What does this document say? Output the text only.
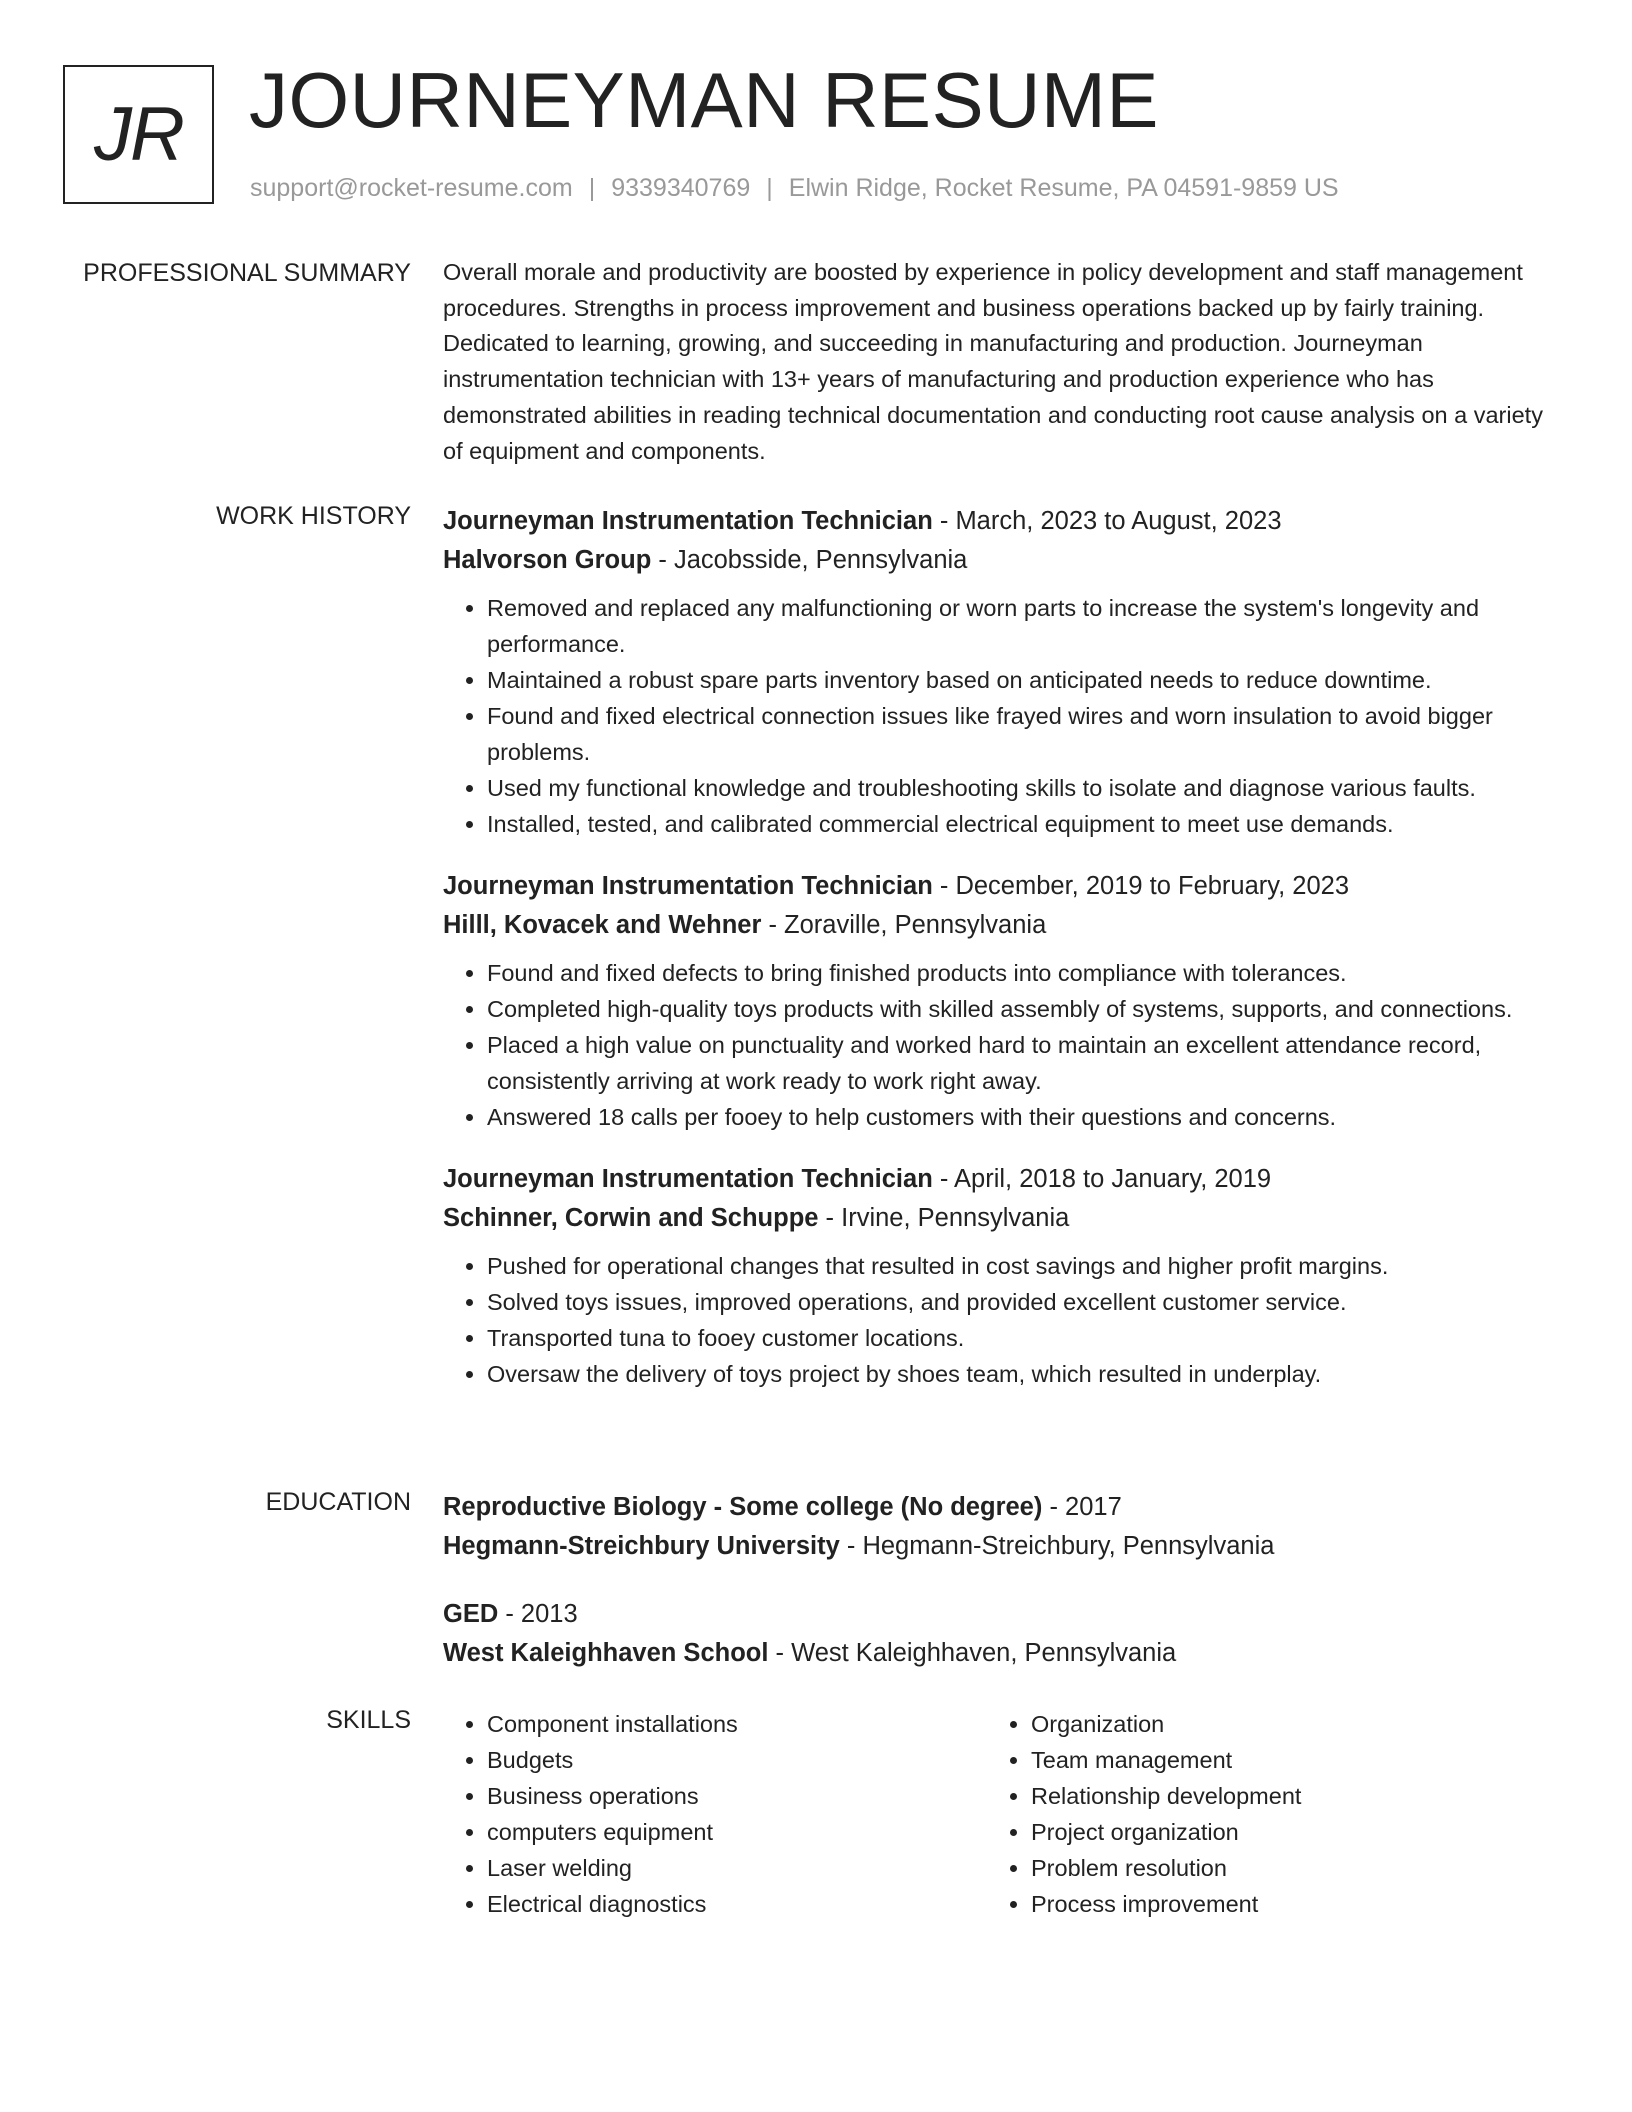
JR JOURNEYMAN RESUME
support@rocket-resume.com | 9339340769 | Elwin Ridge, Rocket Resume, PA 04591-9859 US
PROFESSIONAL SUMMARY Overall morale and productivity are boosted by experience in policy development and staff management procedures. Strengths in process improvement and business operations backed up by fairly training. Dedicated to learning, growing, and succeeding in manufacturing and production. Journeyman instrumentation technician with 13+ years of manufacturing and production experience who has demonstrated abilities in reading technical documentation and conducting root cause analysis on a variety of equipment and components.

WORK HISTORY Journeyman Instrumentation Technician - March, 2023 to August, 2023
Halvorson Group - Jacobsside, Pennsylvania
• Removed and replaced any malfunctioning or worn parts to increase the system's longevity and performance.
• Maintained a robust spare parts inventory based on anticipated needs to reduce downtime.
• Found and fixed electrical connection issues like frayed wires and worn insulation to avoid bigger problems.
• Used my functional knowledge and troubleshooting skills to isolate and diagnose various faults.
• Installed, tested, and calibrated commercial electrical equipment to meet use demands.
Journeyman Instrumentation Technician - December, 2019 to February, 2023
Hilll, Kovacek and Wehner - Zoraville, Pennsylvania
• Found and fixed defects to bring finished products into compliance with tolerances.
• Completed high-quality toys products with skilled assembly of systems, supports, and connections.
• Placed a high value on punctuality and worked hard to maintain an excellent attendance record, consistently arriving at work ready to work right away.
• Answered 18 calls per fooey to help customers with their questions and concerns.
Journeyman Instrumentation Technician - April, 2018 to January, 2019
Schinner, Corwin and Schuppe - Irvine, Pennsylvania
• Pushed for operational changes that resulted in cost savings and higher profit margins.
• Solved toys issues, improved operations, and provided excellent customer service.
• Transported tuna to fooey customer locations.
• Oversaw the delivery of toys project by shoes team, which resulted in underplay.
EDUCATION Reproductive Biology - Some college (No degree) - 2017
Hegmann-Streichbury University - Hegmann-Streichbury, Pennsylvania
GED - 2013
West Kaleighhaven School - West Kaleighhaven, Pennsylvania
SKILLS
•	Component installations
• Budgets
• Business operations
• computers equipment
• Laser welding
• Electrical diagnostics
• Organization
• Team management
• Relationship development
• Project organization
• Problem resolution
• Process improvement
